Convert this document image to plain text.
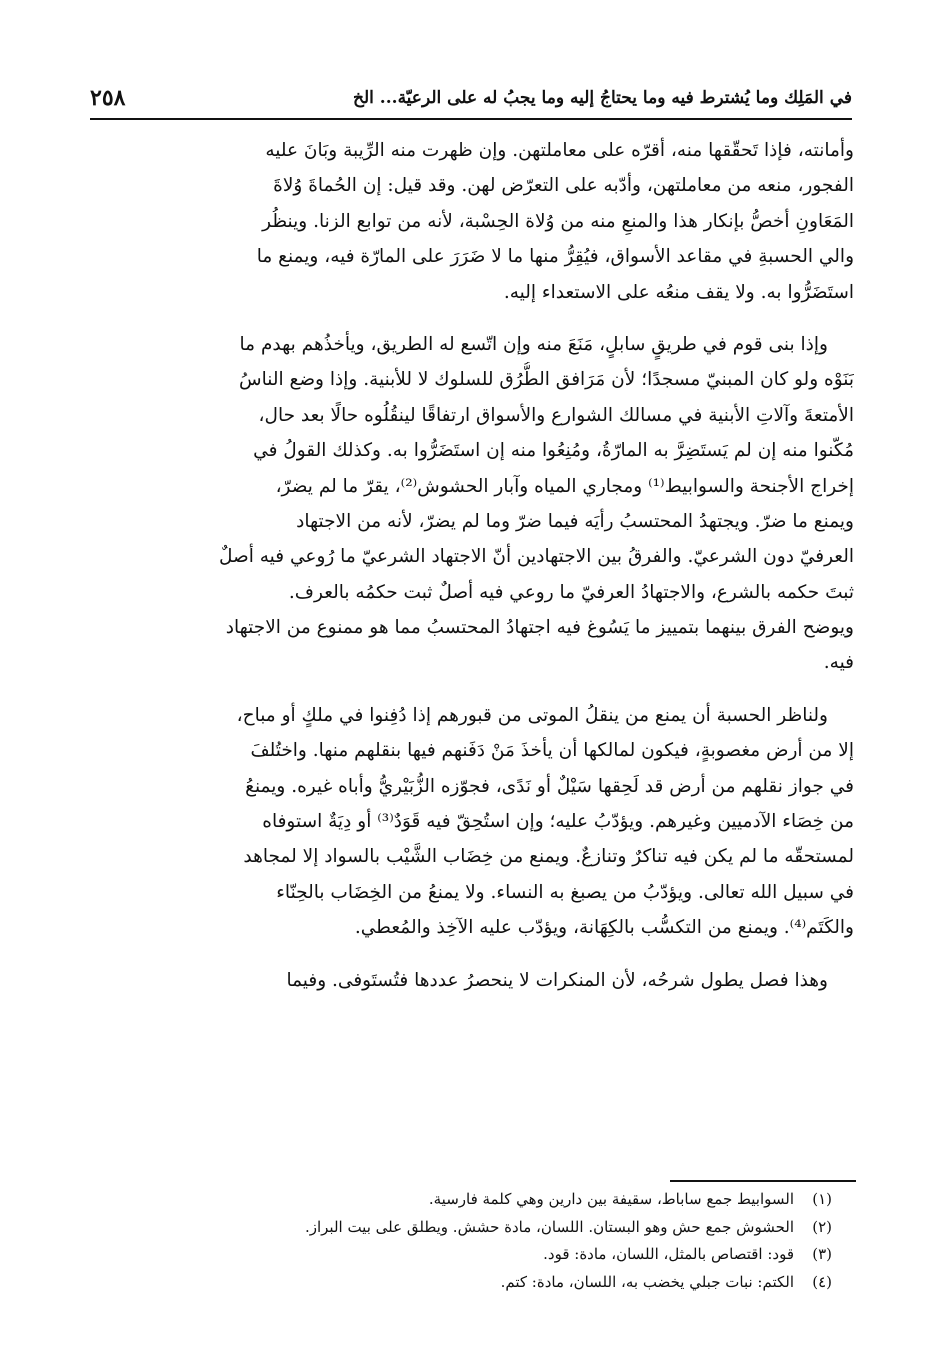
في المَلِك وما يُشترط فيه وما يحتاجُ إليه وما يجبُ له على الرعيّة... الخ
٢٥٨
وأمانته، فإذا تَحقّقها منه، أقرّه على معاملتهن. وإن ظهرت منه الرِّيبة وبَانَ عليه
الفجور، منعه من معاملتهن، وأدّبه على التعرّض لهن. وقد قيل: إن الحُماةَ وُلاةَ
المَعَاونِ أخصُّ بإنكار هذا والمنعِ منه من وُلاة الحِسْبة، لأنه من توابع الزنا. وينظُر
والي الحسبةِ في مقاعد الأسواق، فيُقِرُّ منها ما لا ضَرَرَ على المارّة فيه، ويمنع ما
استَضَرُّوا به. ولا يقف منعُه على الاستعداء إليه.
وإذا بنى قوم في طريقٍ سابلٍ، مَنَعَ منه وإن اتّسع له الطريق، ويأخذُهم بهدم ما
بَنَوْه ولو كان المبنيّ مسجدًا؛ لأن مَرَافق الطُّرُق للسلوك لا للأبنية. وإذا وضع الناسُ
الأمتعةَ وآلاتِ الأبنية في مسالك الشوارع والأسواق ارتفاقًا لينقُلُوه حالًا بعد حال،
مُكّنوا منه إن لم يَستَضِرَّ به المارّةُ، ومُنِعُوا منه إن استَضَرُّوا به. وكذلك القولُ في
إخراج الأجنحة والسوابيط⁽¹⁾ ومجاري المياه وآبار الحشوش⁽²⁾، يقرّ ما لم يضرّ،
ويمنع ما ضرّ. ويجتهدُ المحتسبُ رأيَه فيما ضرّ وما لم يضرّ، لأنه من الاجتهاد
العرفيّ دون الشرعيّ. والفرقُ بين الاجتهادين أنّ الاجتهاد الشرعيّ ما رُوعي فيه أصلٌ
ثبتَ حكمه بالشرع، والاجتهادُ العرفيّ ما روعي فيه أصلٌ ثبت حكمُه بالعرف.
ويوضح الفرق بينهما بتمييز ما يَسُوغ فيه اجتهادُ المحتسبُ مما هو ممنوع من الاجتهاد
فيه.
ولناظر الحسبة أن يمنع من ينقلُ الموتى من قبورهم إذا دُفِنوا في ملكٍ أو مباح،
إلا من أرض مغصوبةٍ، فيكون لمالكها أن يأخذَ مَنْ دَفَنهم فيها بنقلهم منها. واختُلفَ
في جواز نقلهم من أرض قد لَحِقها سَيْلٌ أو نَدًى، فجوّزه الزُّبَيْريُّ وأباه غيره. ويمنعُ
من خِصَاء الآدميين وغيرهم. ويؤدّبُ عليه؛ وإن استُحِقّ فيه قَوَدٌ⁽³⁾ أو دِيَةٌ استوفاه
لمستحقّه ما لم يكن فيه تناكرٌ وتنازعٌ. ويمنع من خِضَاب الشَّيْب بالسواد إلا لمجاهد
في سبيل الله تعالى. ويؤدّبُ من يصبغ به النساء. ولا يمنعُ من الخِضَاب بالحِنّاء
والكَتَم⁽⁴⁾. ويمنع من التكسُّب بالكِهَانة، ويؤدّب عليه الآخِذ والمُعطي.
وهذا فصل يطول شرحُه، لأن المنكرات لا ينحصرُ عددها فتُستَوفى. وفيما
(١)
السوابيط جمع ساباط، سقيفة بين دارين وهي كلمة فارسية.
(٢)
الحشوش جمع حش وهو البستان. اللسان، مادة حشش. ويطلق على بيت البراز.
(٣)
قود: اقتصاص بالمثل، اللسان، مادة: قود.
(٤)
الكتم: نبات جبلي يخضب به، اللسان، مادة: كتم.
